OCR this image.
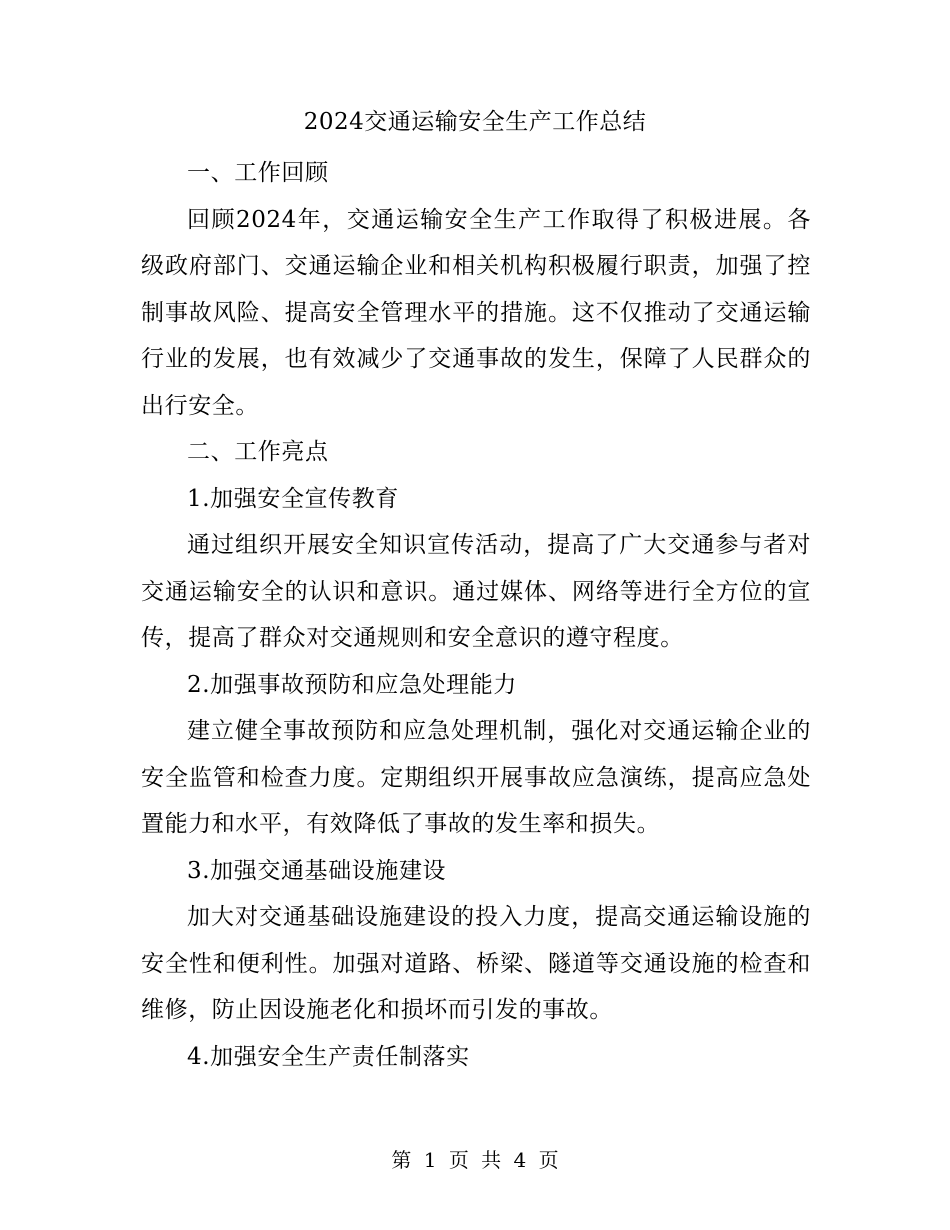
2024交通运输安全生产工作总结

一、工作回顾

回顾2024年，交通运输安全生产工作取得了积极进展。各级政府部门、交通运输企业和相关机构积极履行职责，加强了控制事故风险、提高安全管理水平的措施。这不仅推动了交通运输行业的发展，也有效减少了交通事故的发生，保障了人民群众的出行安全。

二、工作亮点

1.加强安全宣传教育

通过组织开展安全知识宣传活动，提高了广大交通参与者对交通运输安全的认识和意识。通过媒体、网络等进行全方位的宣传，提高了群众对交通规则和安全意识的遵守程度。

2.加强事故预防和应急处理能力

建立健全事故预防和应急处理机制，强化对交通运输企业的安全监管和检查力度。定期组织开展事故应急演练，提高应急处置能力和水平，有效降低了事故的发生率和损失。

3.加强交通基础设施建设

加大对交通基础设施建设的投入力度，提高交通运输设施的安全性和便利性。加强对道路、桥梁、隧道等交通设施的检查和维修，防止因设施老化和损坏而引发的事故。

4.加强安全生产责任制落实

第 1 页 共 4 页
